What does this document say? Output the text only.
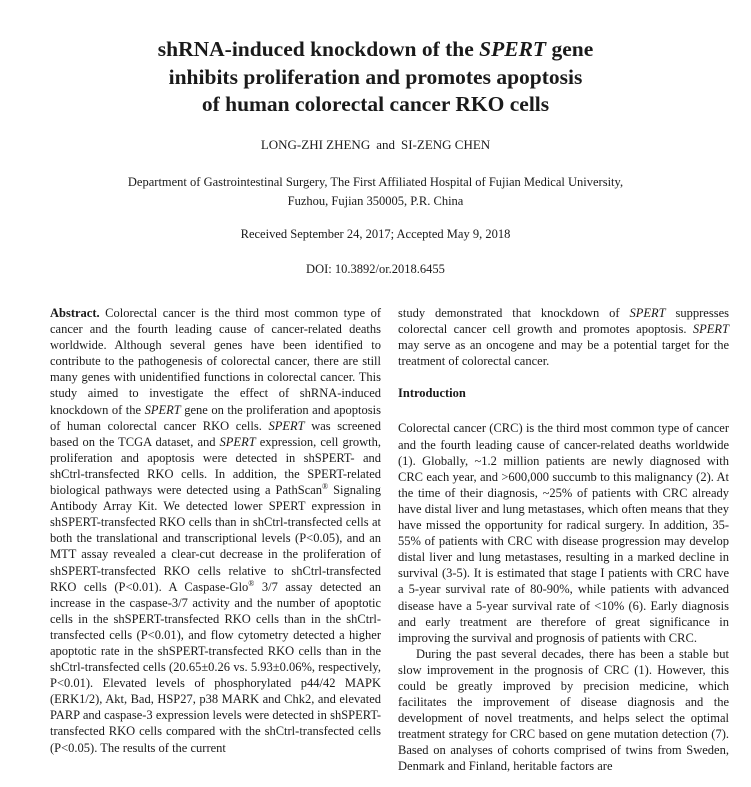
shRNA-induced knockdown of the SPERT gene
inhibits proliferation and promotes apoptosis
of human colorectal cancer RKO cells
LONG-ZHI ZHENG and SI-ZENG CHEN
Department of Gastrointestinal Surgery, The First Affiliated Hospital of Fujian Medical University,
Fuzhou, Fujian 350005, P.R. China
Received September 24, 2017; Accepted May 9, 2018
DOI: 10.3892/or.2018.6455

Abstract. Colorectal cancer is the third most common type of cancer and the fourth leading cause of cancer-related deaths worldwide. Although several genes have been identified to contribute to the pathogenesis of colorectal cancer, there are still many genes with unidentified functions in colorectal cancer. This study aimed to investigate the effect of shRNA-induced knockdown of the SPERT gene on the proliferation and apoptosis of human colorectal cancer RKO cells. SPERT was screened based on the TCGA dataset, and SPERT expression, cell growth, proliferation and apoptosis were detected in shSPERT- and shCtrl-transfected RKO cells. In addition, the SPERT-related biological pathways were detected using a PathScan® Signaling Antibody Array Kit. We detected lower SPERT expression in shSPERT-transfected RKO cells than in shCtrl-transfected cells at both the translational and transcriptional levels (P<0.05), and an MTT assay revealed a clear-cut decrease in the proliferation of shSPERT-transfected RKO cells relative to shCtrl-transfected RKO cells (P<0.01). A Caspase-Glo® 3/7 assay detected an increase in the caspase-3/7 activity and the number of apoptotic cells in the shSPERT-transfected RKO cells than in the shCtrl-transfected cells (P<0.01), and flow cytometry detected a higher apoptotic rate in the shSPERT-transfected RKO cells than in the shCtrl-transfected cells (20.65±0.26 vs. 5.93±0.06%, respectively, P<0.01). Elevated levels of phosphorylated p44/42 MAPK (ERK1/2), Akt, Bad, HSP27, p38 MARK and Chk2, and elevated PARP and caspase-3 expression levels were detected in shSPERT-transfected RKO cells compared with the shCtrl-transfected cells (P<0.05). The results of the current

study demonstrated that knockdown of SPERT suppresses colorectal cancer cell growth and promotes apoptosis. SPERT may serve as an oncogene and may be a potential target for the treatment of colorectal cancer.

Introduction

Colorectal cancer (CRC) is the third most common type of cancer and the fourth leading cause of cancer-related deaths worldwide (1). Globally, ~1.2 million patients are newly diagnosed with CRC each year, and >600,000 succumb to this malignancy (2). At the time of their diagnosis, ~25% of patients with CRC already have distal liver and lung metastases, which often means that they have missed the opportunity for radical surgery. In addition, 35-55% of patients with CRC with disease progression may develop distal liver and lung metastases, resulting in a marked decline in survival (3-5). It is estimated that stage I patients with CRC have a 5-year survival rate of 80-90%, while patients with advanced disease have a 5-year survival rate of <10% (6). Early diagnosis and early treatment are therefore of great significance in improving the survival and prognosis of patients with CRC.

During the past several decades, there has been a stable but slow improvement in the prognosis of CRC (1). However, this could be greatly improved by precision medicine, which facilitates the improvement of disease diagnosis and the development of novel treatments, and helps select the optimal treatment strategy for CRC based on gene mutation detection (7). Based on analyses of cohorts comprised of twins from Sweden, Denmark and Finland, heritable factors are
